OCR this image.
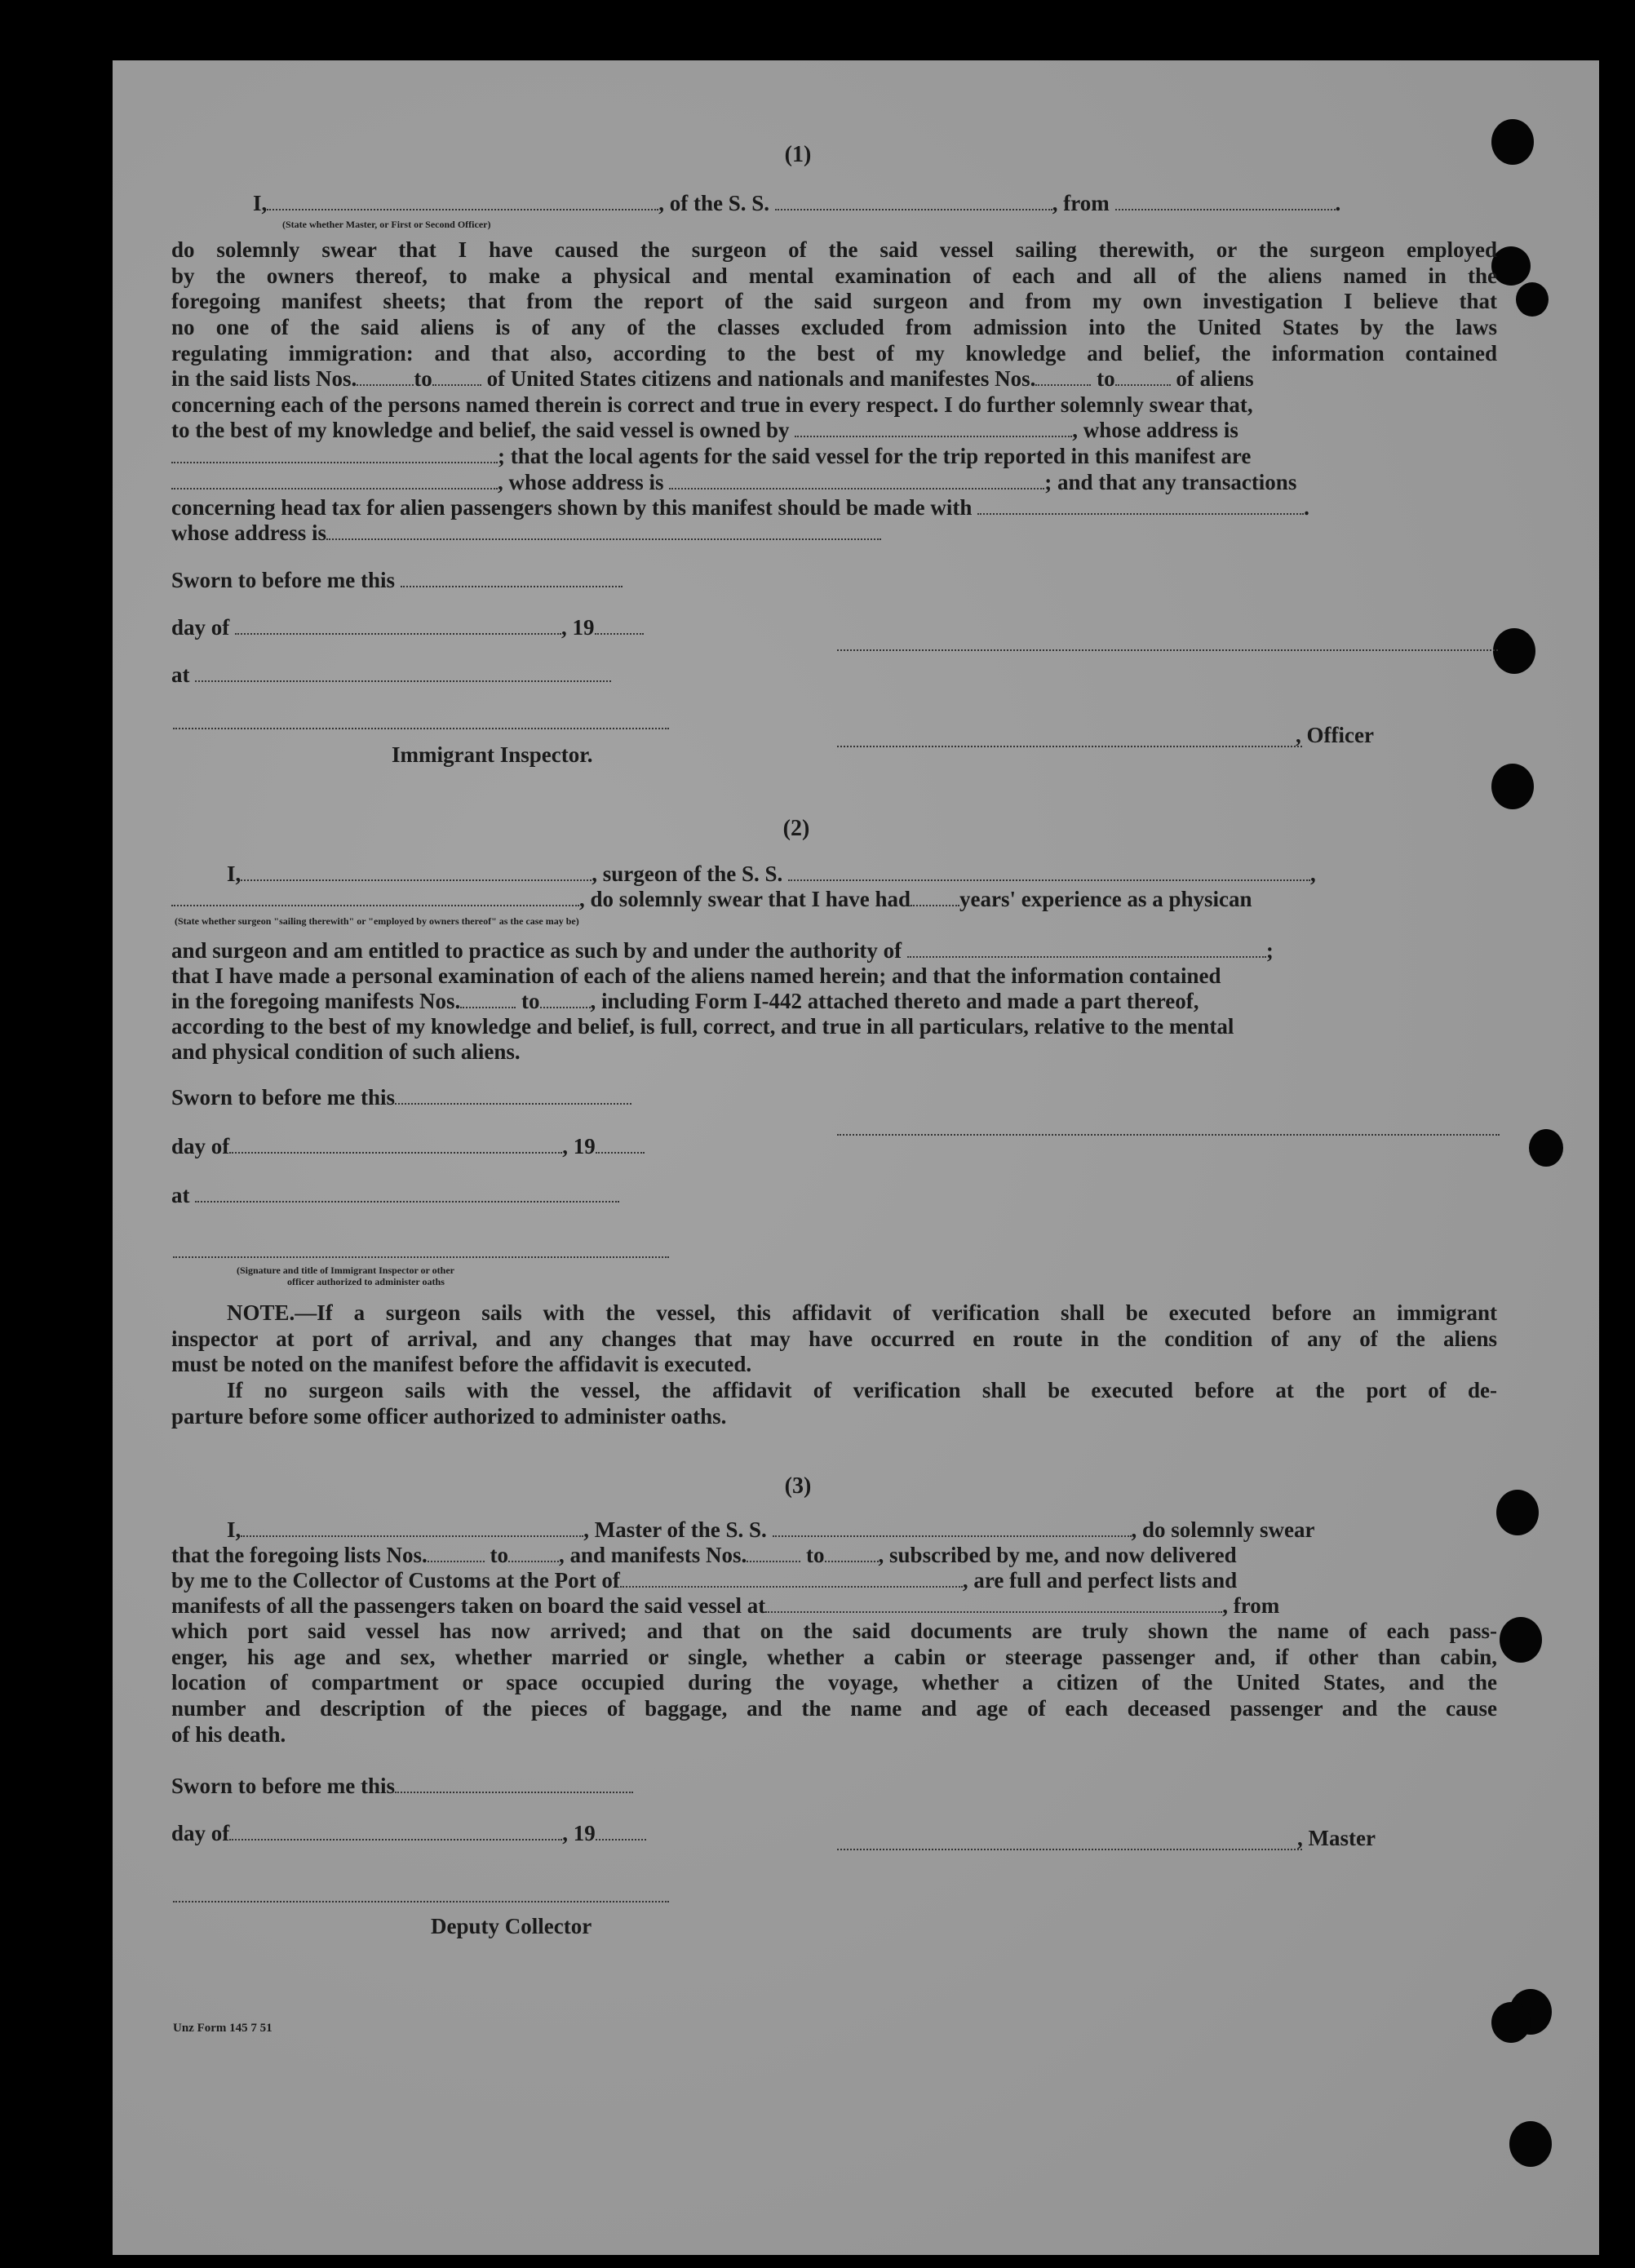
(1)
I,	, of the S. S.	, from	.
(State whether Master, or First or Second Officer)
do solemnly swear that I have caused the surgeon of the said vessel sailing therewith, or the surgeon employed
by the owners thereof, to make a physical and mental examination of each and all of the aliens named in the
foregoing manifest sheets; that from the report of the said surgeon and from my own investigation I believe that
no one of the said aliens is of any of the classes excluded from admission into the United States by the laws
regulating immigration: and that also, according to the best of my knowledge and belief, the information contained
in the said lists Nos.	to of United States citizens and nationals and manifestes Nos.	to	of aliens
concerning each of the persons named therein is correct and true in every respect. I do further solemnly swear that,
to the best of my knowledge and belief, the said vessel is owned by	, whose address is
; that the local agents for the said vessel for the trip reported in this manifest are
, whose address is	; and that any transactions
concerning head tax for alien passengers shown by this manifest should be made with	.
whose address is
Sworn to before me this
day of	, 19
at
Immigrant Inspector.
, Officer
(2)
I,	, surgeon of the S. S.	,
, do solemnly swear that I have had years' experience as a physican
(State whether surgeon "sailing therewith" or "employed by owners thereof" as the case may be)
and surgeon and am entitled to practice as such by and under the authority of	;
that I have made a personal examination of each of the aliens named herein; and that the information contained
in the foregoing manifests Nos.	to , including Form I-442 attached thereto and made a part thereof,
according to the best of my knowledge and belief, is full, correct, and true in all particulars, relative to the mental
and physical condition of such aliens.
Sworn to before me this
day of	, 19
at
(Signature and title of Immigrant Inspector or other
officer authorized to administer oaths
NOTE.—If a surgeon sails with the vessel, this affidavit of verification shall be executed before an immigrant
inspector at port of arrival, and any changes that may have occurred en route in the condition of any of the aliens
must be noted on the manifest before the affidavit is executed.
If no surgeon sails with the vessel, the affidavit of verification shall be executed before at the port of de-
parture before some officer authorized to administer oaths.
(3)
I,	, Master of the S. S.	, do solemnly swear
that the foregoing lists Nos.	to , and manifests Nos.	to , subscribed by me, and now delivered
by me to the Collector of Customs at the Port of	, are full and perfect lists and
manifests of all the passengers taken on board the said vessel at	, from
which port said vessel has now arrived; and that on the said documents are truly shown the name of each pass-
enger, his age and sex, whether married or single, whether a cabin or steerage passenger and, if other than cabin,
location of compartment or space occupied during the voyage, whether a citizen of the United States, and the
number and description of the pieces of baggage, and the name and age of each deceased passenger and the cause
of his death.
Sworn to before me this
day of	, 19	, Master
Deputy Collector
Unz Form 145 7 51
